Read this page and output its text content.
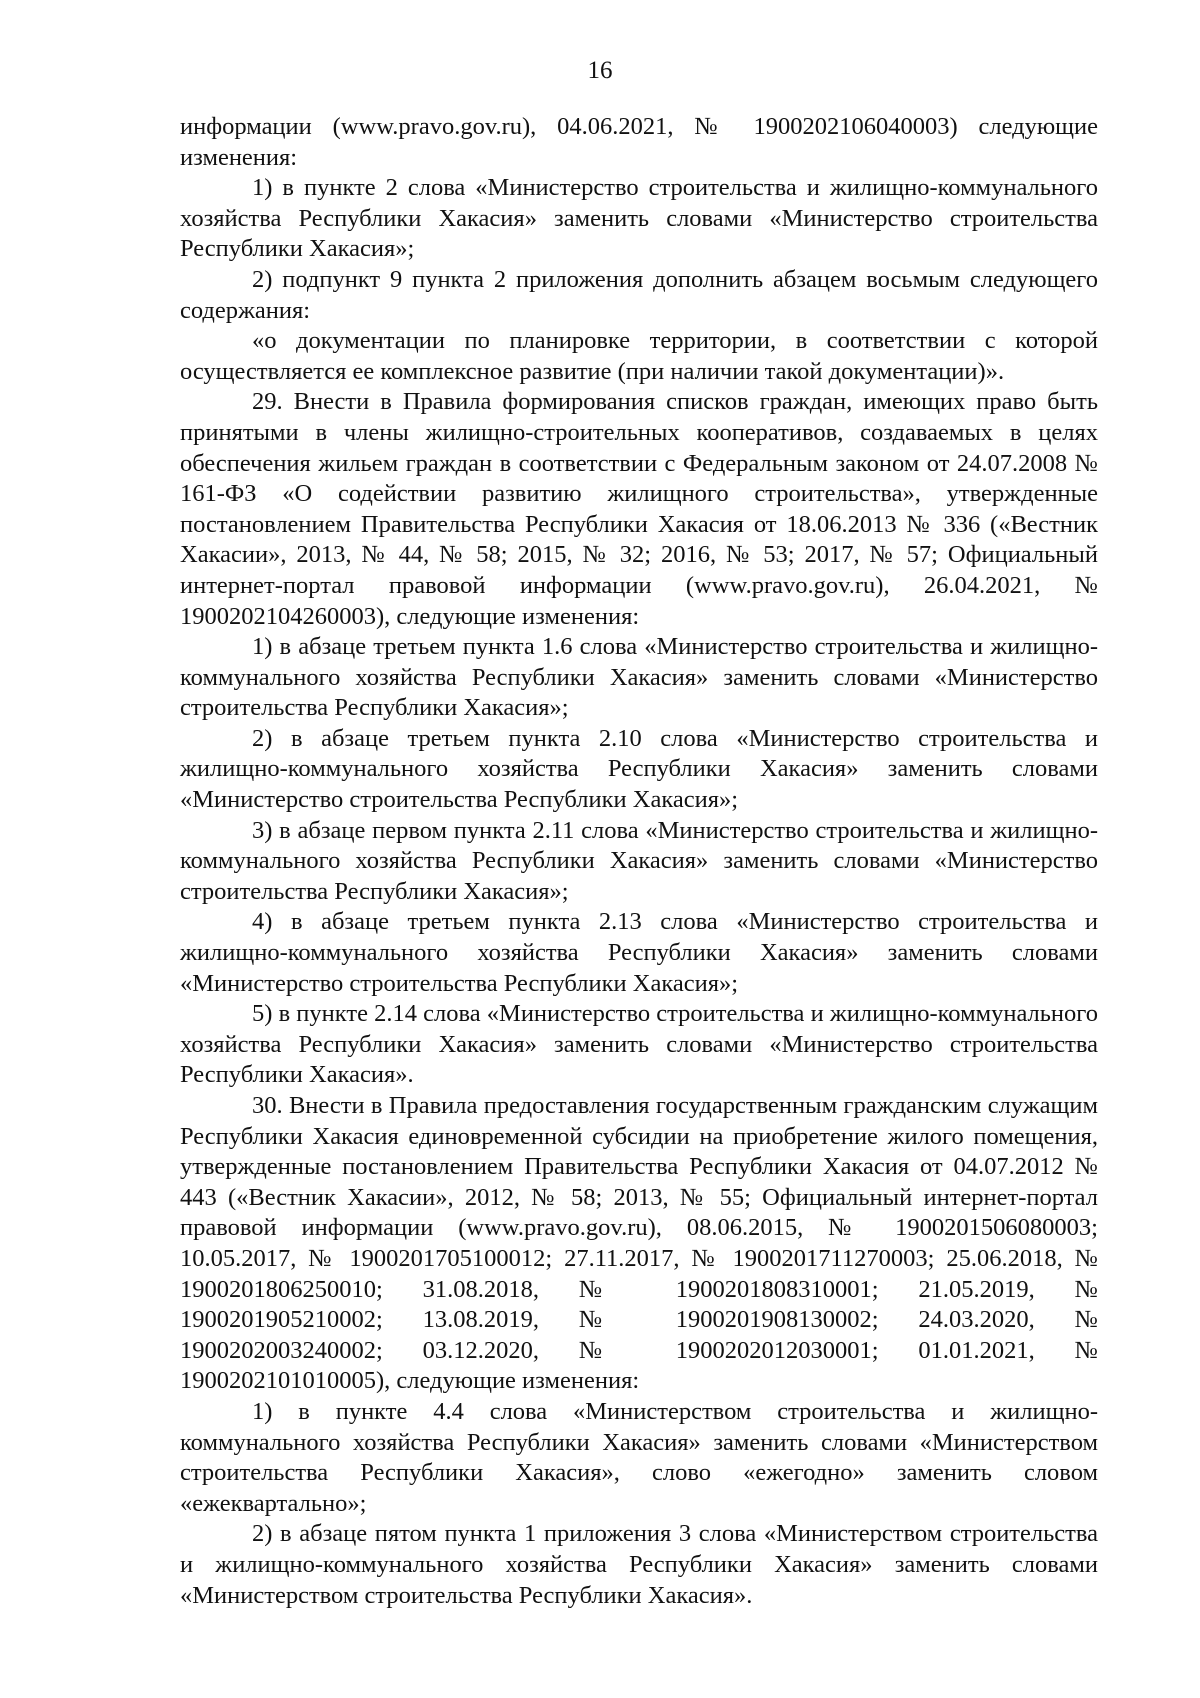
16

информации (www.pravo.gov.ru), 04.06.2021, № 1900202106040003) следующие изменения:

1) в пункте 2 слова «Министерство строительства и жилищно-коммунального хозяйства Республики Хакасия» заменить словами «Министерство строительства Республики Хакасия»;

2) подпункт 9 пункта 2 приложения дополнить абзацем восьмым следующего содержания:

«о документации по планировке территории, в соответствии с которой осуществляется ее комплексное развитие (при наличии такой документации)».

29. Внести в Правила формирования списков граждан, имеющих право быть принятыми в члены жилищно-строительных кооперативов, создаваемых в целях обеспечения жильем граждан в соответствии с Федеральным законом от 24.07.2008 № 161-ФЗ «О содействии развитию жилищного строительства», утвержденные постановлением Правительства Республики Хакасия от 18.06.2013 № 336 («Вестник Хакасии», 2013, № 44, № 58; 2015, № 32; 2016, № 53; 2017, № 57; Официальный интернет-портал правовой информации (www.pravo.gov.ru), 26.04.2021, № 1900202104260003), следующие изменения:

1) в абзаце третьем пункта 1.6 слова «Министерство строительства и жилищно-коммунального хозяйства Республики Хакасия» заменить словами «Министерство строительства Республики Хакасия»;

2) в абзаце третьем пункта 2.10 слова «Министерство строительства и жилищно-коммунального хозяйства Республики Хакасия» заменить словами «Министерство строительства Республики Хакасия»;

3) в абзаце первом пункта 2.11 слова «Министерство строительства и жилищно-коммунального хозяйства Республики Хакасия» заменить словами «Министерство строительства Республики Хакасия»;

4) в абзаце третьем пункта 2.13 слова «Министерство строительства и жилищно-коммунального хозяйства Республики Хакасия» заменить словами «Министерство строительства Республики Хакасия»;

5) в пункте 2.14 слова «Министерство строительства и жилищно-коммунального хозяйства Республики Хакасия» заменить словами «Министерство строительства Республики Хакасия».

30. Внести в Правила предоставления государственным гражданским служащим Республики Хакасия единовременной субсидии на приобретение жилого помещения, утвержденные постановлением Правительства Республики Хакасия от 04.07.2012 № 443 («Вестник Хакасии», 2012, № 58; 2013, № 55; Официальный интернет-портал правовой информации (www.pravo.gov.ru), 08.06.2015, № 1900201506080003; 10.05.2017, № 1900201705100012; 27.11.2017, № 1900201711270003; 25.06.2018, № 1900201806250010; 31.08.2018, № 1900201808310001; 21.05.2019, № 1900201905210002; 13.08.2019, № 1900201908130002; 24.03.2020, № 1900202003240002; 03.12.2020, № 1900202012030001; 01.01.2021, № 1900202101010005), следующие изменения:

1) в пункте 4.4 слова «Министерством строительства и жилищно-коммунального хозяйства Республики Хакасия» заменить словами «Министерством строительства Республики Хакасия», слово «ежегодно» заменить словом «ежеквартально»;

2) в абзаце пятом пункта 1 приложения 3 слова «Министерством строительства и жилищно-коммунального хозяйства Республики Хакасия» заменить словами «Министерством строительства Республики Хакасия».
